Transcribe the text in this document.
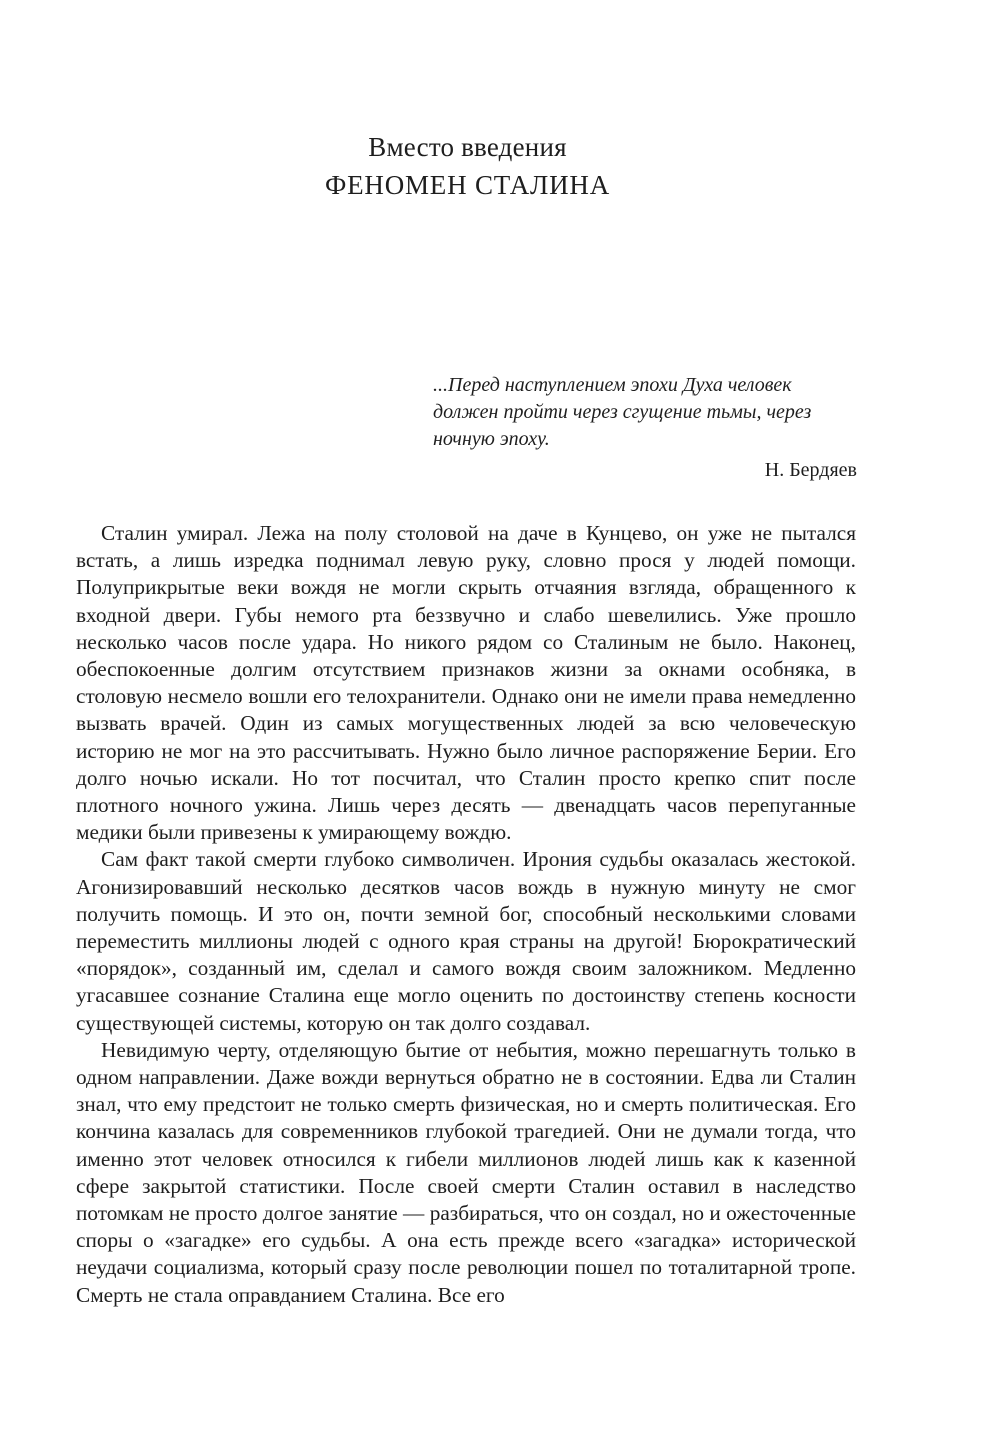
Вместо введения
ФЕНОМЕН СТАЛИНА
...Перед наступлением эпохи Духа человек должен пройти через сгущение тьмы, через ночную эпоху.
Н. Бердяев

Сталин умирал. Лежа на полу столовой на даче в Кунцево, он уже не пытался встать, а лишь изредка поднимал левую руку, словно прося у людей помощи. Полуприкрытые веки вождя не могли скрыть отчаяния взгляда, обращенного к входной двери. Губы немого рта беззвучно и слабо шевелились. Уже прошло несколько часов после удара. Но никого рядом со Сталиным не было. Наконец, обеспокоенные долгим отсутствием признаков жизни за окнами особняка, в столовую несмело вошли его телохранители. Однако они не имели права немедленно вызвать врачей. Один из самых могущественных людей за всю человеческую историю не мог на это рассчитывать. Нужно было личное распоряжение Берии. Его долго ночью искали. Но тот посчитал, что Сталин просто крепко спит после плотного ночного ужина. Лишь через десять — двенадцать часов перепуганные медики были привезены к умирающему вождю.

Сам факт такой смерти глубоко символичен. Ирония судьбы оказалась жестокой. Агонизировавший несколько десятков часов вождь в нужную минуту не смог получить помощь. И это он, почти земной бог, способный несколькими словами переместить миллионы людей с одного края страны на другой! Бюрократический «порядок», созданный им, сделал и самого вождя своим заложником. Медленно угасавшее сознание Сталина еще могло оценить по достоинству степень косности существующей системы, которую он так долго создавал.

Невидимую черту, отделяющую бытие от небытия, можно перешагнуть только в одном направлении. Даже вожди вернуться обратно не в состоянии. Едва ли Сталин знал, что ему предстоит не только смерть физическая, но и смерть политическая. Его кончина казалась для современников глубокой трагедией. Они не думали тогда, что именно этот человек относился к гибели миллионов людей лишь как к казенной сфере закрытой статистики. После своей смерти Сталин оставил в наследство потомкам не просто долгое занятие — разбираться, что он создал, но и ожесточенные споры о «загадке» его судьбы. А она есть прежде всего «загадка» исторической неудачи социализма, который сразу после революции пошел по тоталитарной тропе. Смерть не стала оправданием Сталина. Все его
